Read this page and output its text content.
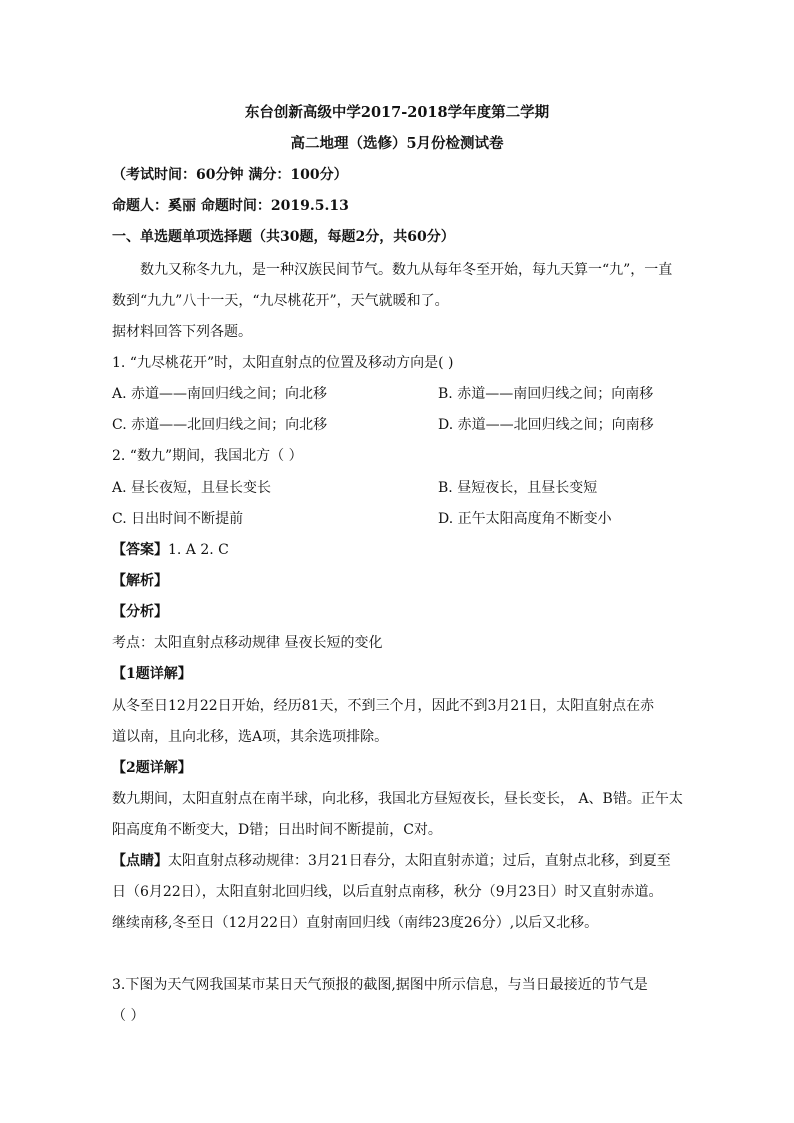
东台创新高级中学2017-2018学年度第二学期
高二地理（选修）5月份检测试卷
（考试时间：60分钟 满分：100分）
命题人：奚丽 命题时间：2019.5.13
一、单选题单项选择题（共30题，每题2分，共60分）
数九又称冬九九，是一种汉族民间节气。数九从每年冬至开始，每九天算一“九”，一直
数到“九九”八十一天，“九尽桃花开”，天气就暖和了。
据材料回答下列各题。
1. “九尽桃花开”时，太阳直射点的位置及移动方向是( )
A. 赤道——南回归线之间；向北移	B. 赤道——南回归线之间；向南移
C. 赤道——北回归线之间；向北移	D. 赤道——北回归线之间；向南移
2. “数九”期间，我国北方（ ）
A. 昼长夜短，且昼长变长	B. 昼短夜长，且昼长变短
C. 日出时间不断提前	D. 正午太阳高度角不断变小
【答案】1. A 2. C
【解析】
【分析】
考点：太阳直射点移动规律 昼夜长短的变化
【1题详解】
从冬至日12月22日开始，经历81天，不到三个月，因此不到3月21日，太阳直射点在赤
道以南，且向北移，选A项，其余选项排除。
【2题详解】
数九期间，太阳直射点在南半球，向北移，我国北方昼短夜长，昼长变长， A、B错。正午太
阳高度角不断变大，D错；日出时间不断提前，C对。
【点睛】太阳直射点移动规律：3月21日春分，太阳直射赤道；过后，直射点北移，到夏至
日（6月22日），太阳直射北回归线，以后直射点南移，秋分（9月23日）时又直射赤道。
继续南移,冬至日（12月22日）直射南回归线（南纬23度26分）,以后又北移。
3.下图为天气网我国某市某日天气预报的截图,据图中所示信息，与当日最接近的节气是
（ ）
